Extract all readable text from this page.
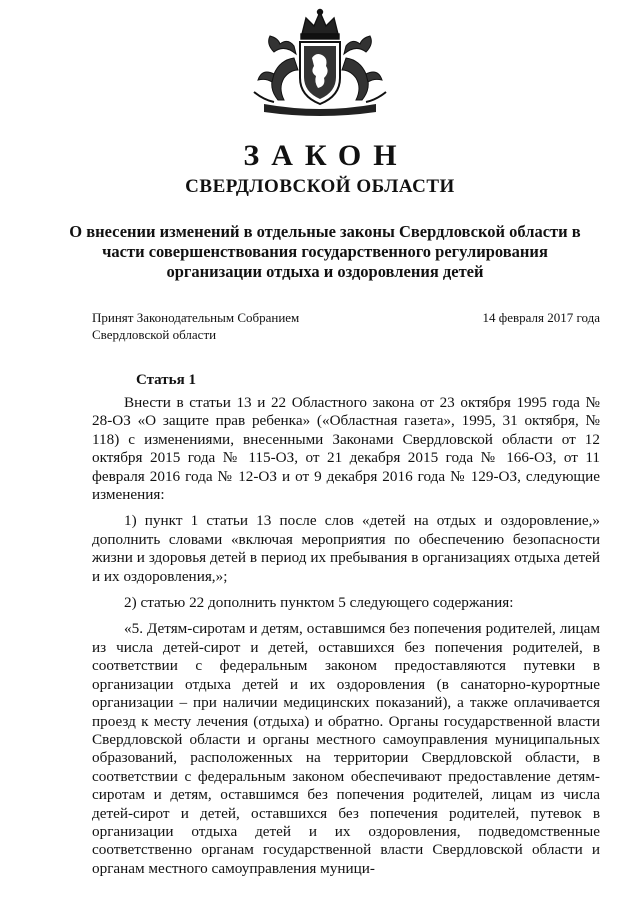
ЗАКОН
СВЕРДЛОВСКОЙ ОБЛАСТИ
О внесении изменений в отдельные законы Свердловской области в части совершенствования государственного регулирования организации отдыха и оздоровления детей
Принят Законодательным Собранием
Свердловской области
14 февраля 2017 года
Статья 1

Внести в статьи 13 и 22 Областного закона от 23 октября 1995 года № 28-ОЗ «О защите прав ребенка» («Областная газета», 1995, 31 октября, № 118) с изменениями, внесенными Законами Свердловской области от 12 октября 2015 года № 115-ОЗ, от 21 декабря 2015 года № 166-ОЗ, от 11 февраля 2016 года № 12-ОЗ и от 9 декабря 2016 года № 129-ОЗ, следующие изменения:

1) пункт 1 статьи 13 после слов «детей на отдых и оздоровление,» дополнить словами «включая мероприятия по обеспечению безопасности жизни и здоровья детей в период их пребывания в организациях отдыха детей и их оздоровления,»;

2) статью 22 дополнить пунктом 5 следующего содержания:

«5. Детям-сиротам и детям, оставшимся без попечения родителей, лицам из числа детей-сирот и детей, оставшихся без попечения родителей, в соответствии с федеральным законом предоставляются путевки в организации отдыха детей и их оздоровления (в санаторно-курортные организации – при наличии медицинских показаний), а также оплачивается проезд к месту лечения (отдыха) и обратно. Органы государственной власти Свердловской области и органы местного самоуправления муниципальных образований, расположенных на территории Свердловской области, в соответствии с федеральным законом обеспечивают предоставление детям-сиротам и детям, оставшимся без попечения родителей, лицам из числа детей-сирот и детей, оставшихся без попечения родителей, путевок в организации отдыха детей и их оздоровления, подведомственные соответственно органам государственной власти Свердловской области и органам местного самоуправления муници-
